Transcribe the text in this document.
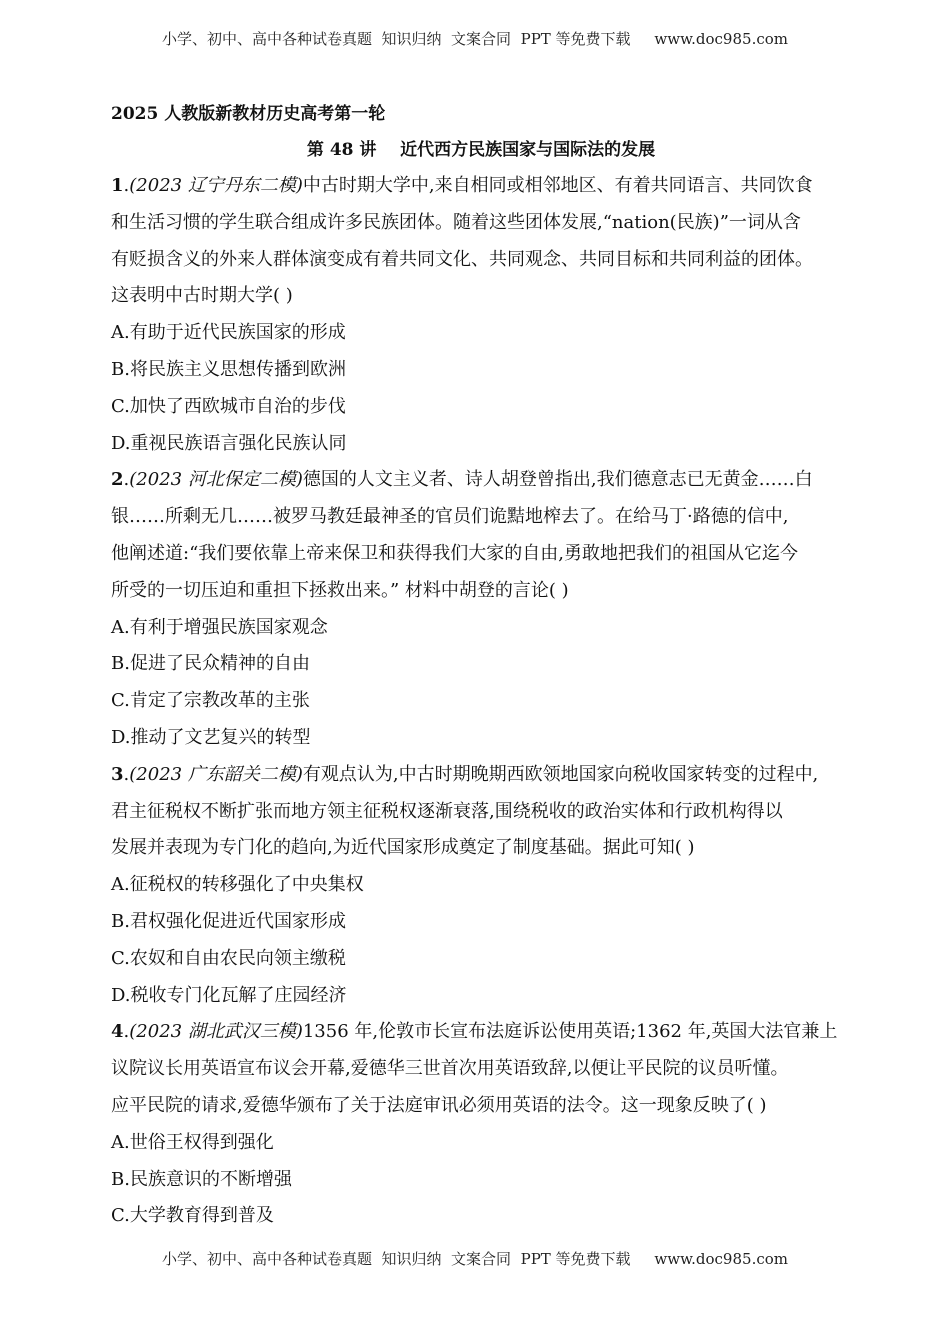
小学、初中、高中各种试卷真题  知识归纳  文案合同  PPT 等免费下载     www.doc985.com
2025 人教版新教材历史高考第一轮
第 48 讲    近代西方民族国家与国际法的发展
1.(2023 辽宁丹东二模)中古时期大学中,来自相同或相邻地区、有着共同语言、共同饮食
和生活习惯的学生联合组成许多民族团体。随着这些团体发展,“nation(民族)”一词从含
有贬损含义的外来人群体演变成有着共同文化、共同观念、共同目标和共同利益的团体。
这表明中古时期大学( )
A.有助于近代民族国家的形成
B.将民族主义思想传播到欧洲
C.加快了西欧城市自治的步伐
D.重视民族语言强化民族认同
2.(2023 河北保定二模)德国的人文主义者、诗人胡登曾指出,我们德意志已无黄金……白
银……所剩无几……被罗马教廷最神圣的官员们诡黠地榨去了。在给马丁·路德的信中,
他阐述道:“我们要依靠上帝来保卫和获得我们大家的自由,勇敢地把我们的祖国从它迄今
所受的一切压迫和重担下拯救出来。” 材料中胡登的言论( )
A.有利于增强民族国家观念
B.促进了民众精神的自由
C.肯定了宗教改革的主张
D.推动了文艺复兴的转型
3.(2023 广东韶关二模)有观点认为,中古时期晚期西欧领地国家向税收国家转变的过程中,
君主征税权不断扩张而地方领主征税权逐渐衰落,围绕税收的政治实体和行政机构得以
发展并表现为专门化的趋向,为近代国家形成奠定了制度基础。据此可知( )
A.征税权的转移强化了中央集权
B.君权强化促进近代国家形成
C.农奴和自由农民向领主缴税
D.税收专门化瓦解了庄园经济
4.(2023 湖北武汉三模)1356 年,伦敦市长宣布法庭诉讼使用英语;1362 年,英国大法官兼上
议院议长用英语宣布议会开幕,爱德华三世首次用英语致辞,以便让平民院的议员听懂。
应平民院的请求,爱德华颁布了关于法庭审讯必须用英语的法令。这一现象反映了( )
A.世俗王权得到强化
B.民族意识的不断增强
C.大学教育得到普及
小学、初中、高中各种试卷真题  知识归纳  文案合同  PPT 等免费下载     www.doc985.com
